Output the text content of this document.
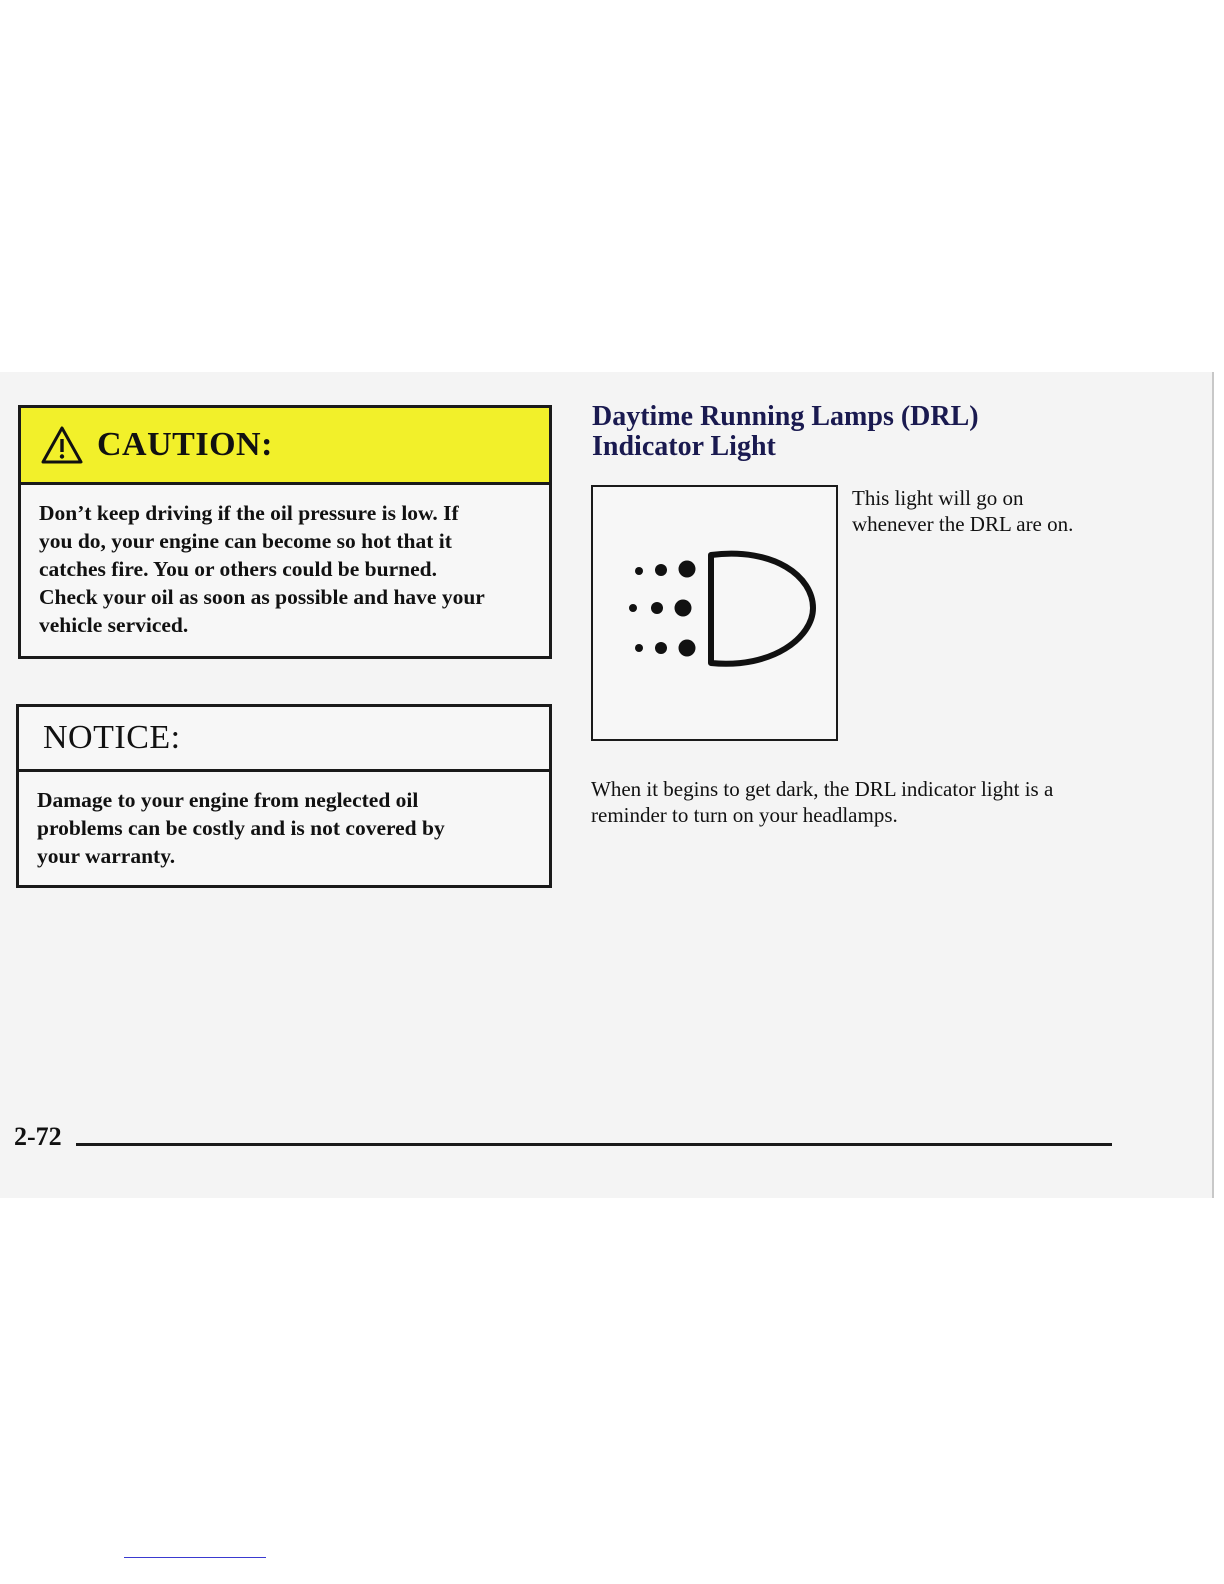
CAUTION:
Don’t keep driving if the oil pressure is low. If
you do, your engine can become so hot that it
catches fire. You or others could be burned.
Check your oil as soon as possible and have your
vehicle serviced.
NOTICE:
Damage to your engine from neglected oil
problems can be costly and is not covered by
your warranty.
Daytime Running Lamps (DRL)
Indicator Light
This light will go on
whenever the DRL are on.
When it begins to get dark, the DRL indicator light is a
reminder to turn on your headlamps.
2-72
